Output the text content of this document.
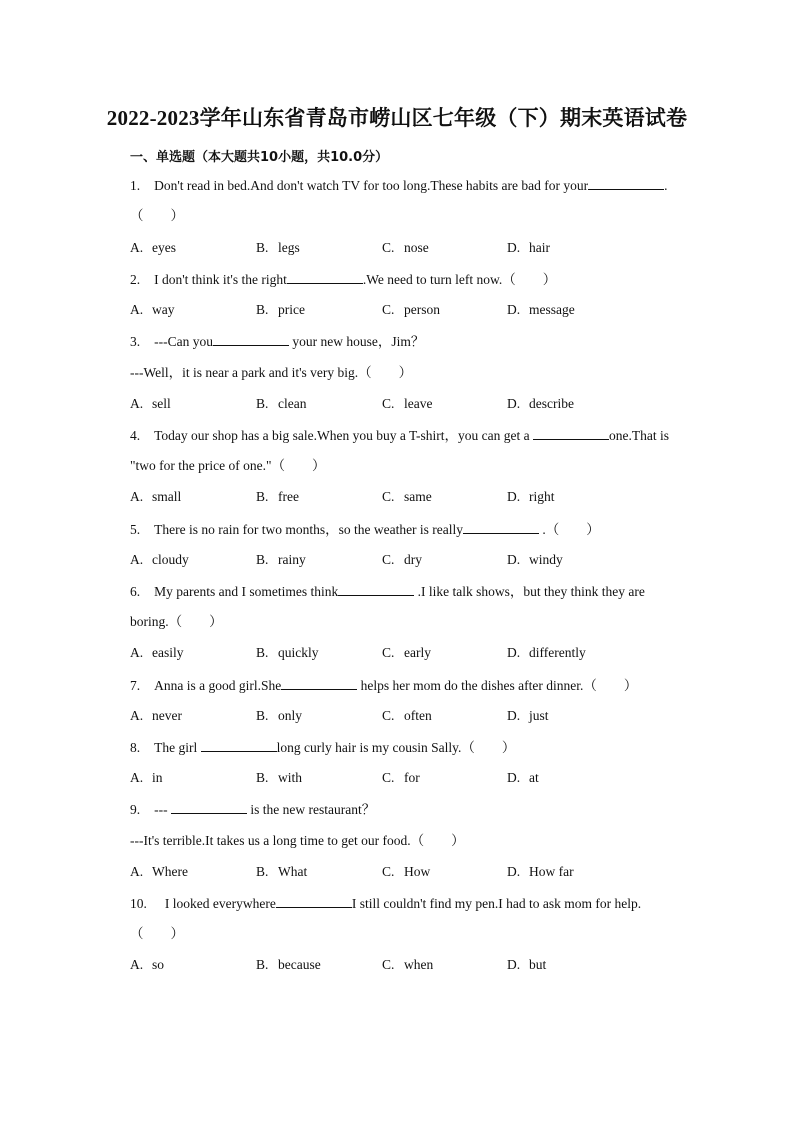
2022-2023学年山东省青岛市崂山区七年级（下）期末英语试卷
一、单选题（本大题共10小题，共10.0分）
1. Don't read in bed.And don't watch TV for too long.These habits are bad for your	.
（　　）
A. eyes	B. legs	C. nose	D. hair
2. I don't think it's the right	.We need to turn left now.（　　）
A. way	B. price	C. person	D. message
3. ---Can you	your new house，Jim？
---Well，it is near a park and it's very big.（　　）
A. sell	B. clean	C. leave	D. describe
4. Today our shop has a big sale.When you buy a T-shirt，you can get a	one.That is
"two for the price of one."（　　）
A. small	B. free	C. same	D. right
5. There is no rain for two months，so the weather is really	.（　　）
A. cloudy	B. rainy	C. dry	D. windy
6. My parents and I sometimes think	.I like talk shows，but they think they are
boring.（　　）
A. easily	B. quickly	C. early	D. differently
7. Anna is a good girl.She	helps her mom do the dishes after dinner.（　　）
A. never	B. only	C. often	D. just
8. The girl	long curly hair is my cousin Sally.（　　）
A. in	B. with	C. for	D. at
9. ---	is the new restaurant？
---It's terrible.It takes us a long time to get our food.（　　）
A. Where	B. What	C. How	D. How far
10. I looked everywhere	I still couldn't find my pen.I had to ask mom for help.
（　　）
A. so	B. because	C. when	D. but
